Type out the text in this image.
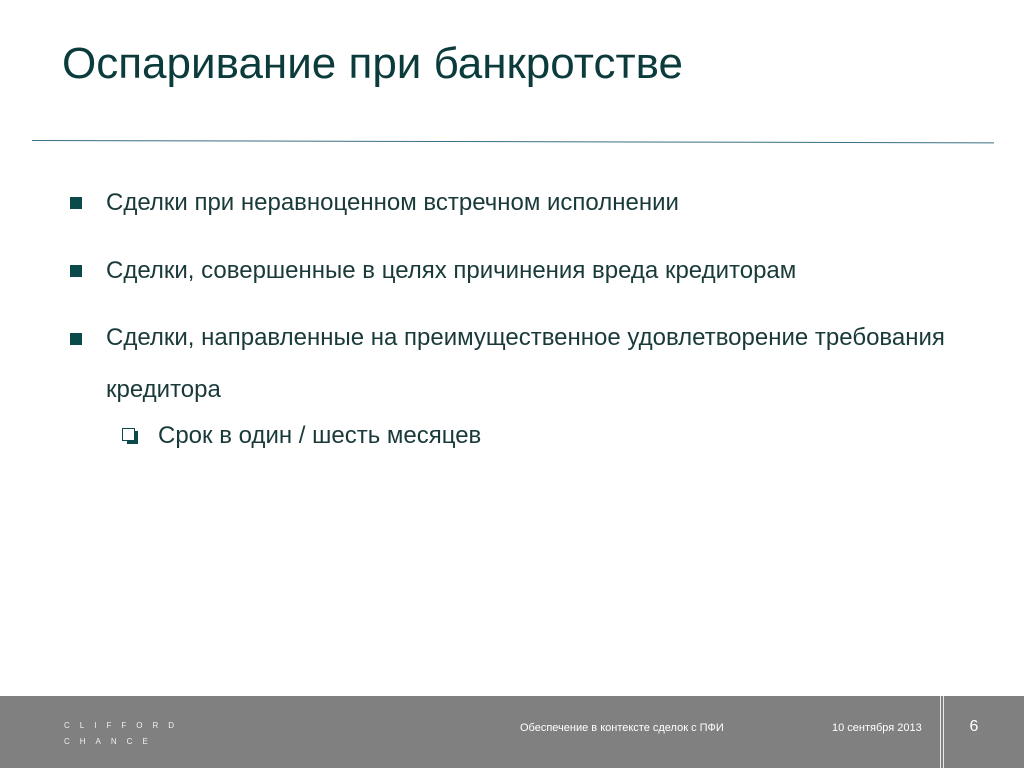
Оспаривание при банкротстве
Сделки при неравноценном встречном исполнении
Сделки, совершенные в целях причинения вреда кредиторам
Сделки, направленные на преимущественное удовлетворение требования кредитора
Срок в один / шесть месяцев
CLIFFORD
CHANCE
Обеспечение в контексте сделок с ПФИ	10 сентября 2013	6
